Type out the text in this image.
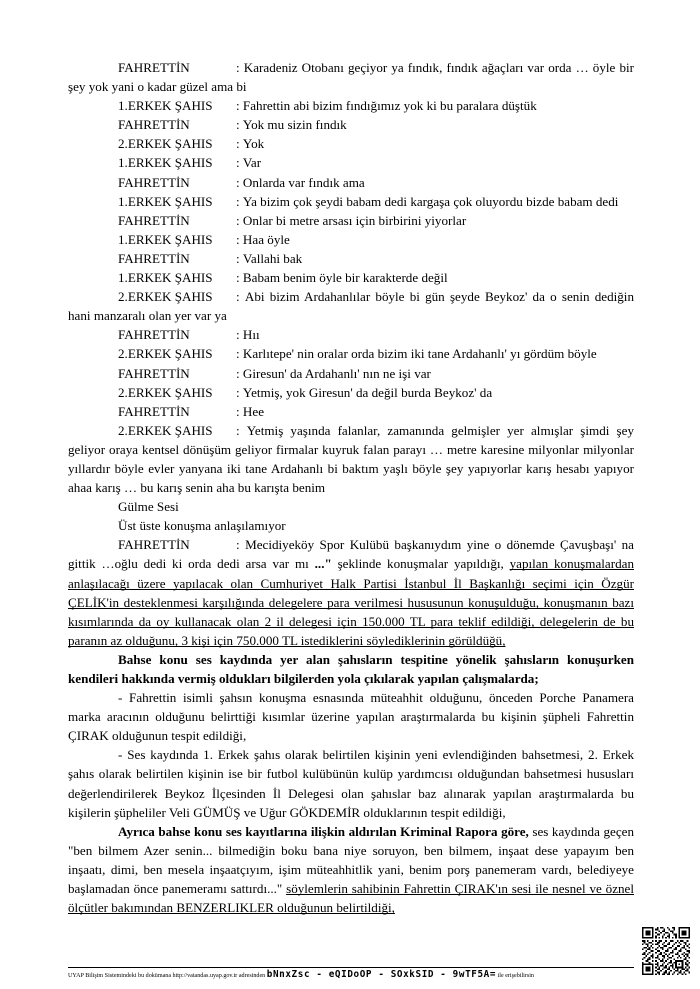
FAHRETTİN	: Karadeniz Otobanı geçiyor ya fındık, fındık ağaçları var orda … öyle bir şey yok yani o kadar güzel ama bi
1.ERKEK ŞAHIS : Fahrettin abi bizim fındığımız yok ki bu paralara düştük
FAHRETTİN	: Yok mu sizin fındık
2.ERKEK ŞAHIS : Yok
1.ERKEK ŞAHIS : Var
FAHRETTİN	: Onlarda var fındık ama
1.ERKEK ŞAHIS : Ya bizim çok şeydi babam dedi kargaşa çok oluyordu bizde babam dedi
FAHRETTİN	: Onlar bi metre arsası için birbirini yiyorlar
1.ERKEK ŞAHIS : Haa öyle
FAHRETTİN	: Vallahi bak
1.ERKEK ŞAHIS : Babam benim öyle bir karakterde değil
2.ERKEK ŞAHIS : Abi bizim Ardahanlılar böyle bi gün şeyde Beykoz' da o senin dediğin hani manzaralı olan yer var ya
FAHRETTİN	: Hıı
2.ERKEK ŞAHIS : Karlıtepe' nin oralar orda bizim iki tane Ardahanlı' yı gördüm böyle
FAHRETTİN	: Giresun' da Ardahanlı' nın ne işi var
2.ERKEK ŞAHIS : Yetmiş, yok Giresun' da değil burda Beykoz' da
FAHRETTİN	: Hee
2.ERKEK ŞAHIS : Yetmiş yaşında falanlar, zamanında gelmişler yer almışlar şimdi şey geliyor oraya kentsel dönüşüm geliyor firmalar kuyruk falan parayı … metre karesine milyonlar milyonlar yıllardır böyle evler yanyana iki tane Ardahanlı bi baktım yaşlı böyle şey yapıyorlar karış hesabı yapıyor ahaa karış … bu karış senin aha bu karışta benim
Gülme Sesi
Üst üste konuşma anlaşılamıyor
FAHRETTİN	: Mecidiyeköy Spor Kulübü başkanıydım yine o dönemde Çavuşbaşı' na gittik …oğlu dedi ki orda dedi arsa var mı ..." şeklinde konuşmalar yapıldığı, yapılan konuşmalardan anlaşılacağı üzere yapılacak olan Cumhuriyet Halk Partisi İstanbul İl Başkanlığı seçimi için Özgür ÇELİK'in desteklenmesi karşılığında delegelere para verilmesi hususunun konuşulduğu, konuşmanın bazı kısımlarında da oy kullanacak olan 2 il delegesi için 150.000 TL para teklif edildiği, delegelerin de bu paranın az olduğunu, 3 kişi için 750.000 TL istediklerini söylediklerinin görüldüğü,
Bahse konu ses kaydında yer alan şahısların tespitine yönelik şahısların konuşurken kendileri hakkında vermiş oldukları bilgilerden yola çıkılarak yapılan çalışmalarda;
- Fahrettin isimli şahsın konuşma esnasında müteahhit olduğunu, önceden Porche Panamera marka aracının olduğunu belirttiği kısımlar üzerine yapılan araştırmalarda bu kişinin şüpheli Fahrettin ÇIRAK olduğunun tespit edildiği,
- Ses kaydında 1. Erkek şahıs olarak belirtilen kişinin yeni evlendiğinden bahsetmesi, 2. Erkek şahıs olarak belirtilen kişinin ise bir futbol kulübünün kulüp yardımcısı olduğundan bahsetmesi hususları değerlendirilerek Beykoz İlçesinden İl Delegesi olan şahıslar baz alınarak yapılan araştırmalarda bu kişilerin şüpheliler Veli GÜMÜŞ ve Uğur GÖKDEMİR olduklarının tespit edildiği,
Ayrıca bahse konu ses kayıtlarına ilişkin aldırılan Kriminal Rapora göre, ses kaydında geçen "ben bilmem Azer senin... bilmediğin boku bana niye soruyon, ben bilmem, inşaat dese yapayım ben inşaatı, dimi, ben mesela inşaatçıyım, işim müteahhitlik yani, benim porş panemeram vardı, belediyeye başlamadan önce panemeramı sattırdı..." söylemlerin sahibinin Fahrettin ÇIRAK'ın sesi ile nesnel ve öznel ölçütler bakımından BENZERLIKLER olduğunun belirtildiği,
UYAP Bilişim Sistemindeki bu dokümana http://vatandas.uyap.gov.tr adresinden bNnxZsc - eQIDoOP - SOxkSID - 9wTF5A= ile erişebilirsin
